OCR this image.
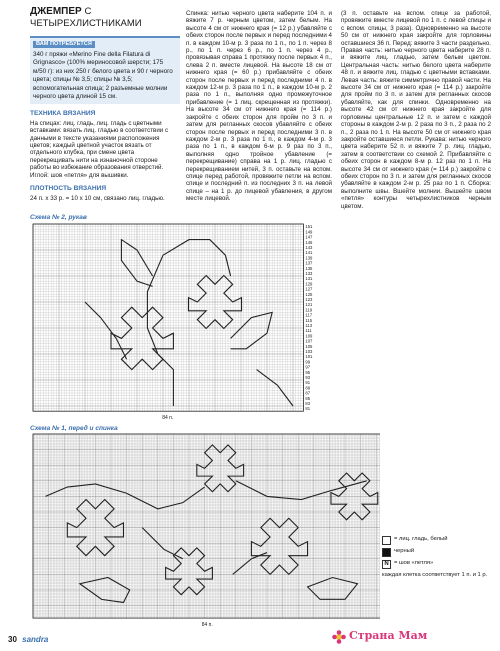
ДЖЕМПЕР С ЧЕТЫРЕХЛИСТНИКАМИ
ВАМ ПОТРЕБУЕТСЯ
340 г пряжи «Merino Fine della Filatura di Grignasco» (100% мериносовой шерсти; 175 м/50 г): из них 250 г белого цвета и 90 г черного цвета; спицы № 3,5; спицы № 3,5; вспомогательная спица; 2 разъемные молнии черного цвета длиной 15 см.
ТЕХНИКА ВЯЗАНИЯ

На спицах: лиц. гладь, лиц. гладь с цветными вставками: вязать лиц. гладью в соответствии с данными в тексте указаниями расположения цветов; каждый цветной участок вязать от отдельного клубка, при смене цвета перекрещивать нити на изнаночной стороне работы во избежание образования отверстий. Иглой: шов «петля» для вышивки.

ПЛОТНОСТЬ ВЯЗАНИЯ

24 п. х 33 р. = 10 х 10 см, связано лиц. гладью.

Спинка: нитью черного цвета наберите 104 п. и вяжите 7 р. черным цветом, затем белым. На высоте 4 см от нижнего края (= 12 р.) убавляйте с обеих сторон после первых и перед последними 4 п. в каждом 10-м р. 3 раза по 1 п., по 1 п. через 8 р., по 1 п. через 6 р., по 1 п. через 4 р., провязывая справа 1 протяжку после первых 4 п., слева 2 п. вместе лицевой. На высоте 18 см от нижнего края (= 60 р.) прибавляйте с обеих сторон после первых и перед последними 4 п. в каждом 12-м р. 3 раза по 1 п., в каждом 10-м р. 2 раза по 1 п., выполняя одно промежуточное прибавление (= 1 лиц. скрещенная из протяжки). На высоте 34 см от нижнего края (= 114 р.) закройте с обеих сторон для пройм по 3 п. и затем для регланных скосов убавляйте с обеих сторон после первых и перед последними 3 п. в каждом 2-м р. 3 раза по 1 п., в каждом 4-м р. 3 раза по 1 п., в каждом 6-м р. 9 раз по 3 п., выполняя одно тройное убавление (= перекрещивание) справа на 1 р. лиц. гладью с перекрещиванием нитей, 3 п. оставьте на вспом. спице перед работой, провяжите петли на вспом. спице и последний п. из последних 3 п. на левой спице – на 1 р. до лицевой убавления, в другом месте лицевой.

(3 п. оставьте на вспом. спице за работой, провяжите вместе лицевой по 1 п. с левой спицы и с вспом. спицы, 3 раза). Одновременно на высоте 50 см от нижнего края закройте для горловины оставшиеся 36 п. Перед: вяжите 3 части раздельно. Правая часть: нитью черного цвета наберите 28 п. и вяжите лиц. гладью, затем белым цветом. Центральная часть: нитью белого цвета наберите 48 п. и вяжите лиц. гладью с цветными вставками. Левая часть: вяжите симметрично правой части. На высоте 34 см от нижнего края (= 114 р.) закройте для пройм по 3 п. и затем для регланных скосов убавляйте, как для спинки. Одновременно на высоте 42 см от нижнего края закройте для горловины центральные 12 п. и затем с каждой стороны в каждом 2-м р. 2 раза по 3 п., 2 раза по 2 п., 2 раза по 1 п. На высоте 50 см от нижнего края закройте оставшиеся петли. Рукава: нитью черного цвета наберите 52 п. и вяжите 7 р. лиц. гладью, затем в соответствии со схемой 2. Прибавляйте с обеих сторон в каждом 8-м р. 12 раз по 1 п. На высоте 34 см от нижнего края (= 114 р.) закройте с обеих сторон по 3 п. и затем для регланных скосов убавляйте в каждом 2-м р. 25 раз по 1 п. Сборка: выполните швы. Вшейте молнии. Вышейте швом «петля» контуры четырехлистников черным цветом.

Схема № 2, рукав
151
149
147
145
143
141
139
137
135
133
131
129
127
125
123
121
119
117
115
113
111
109
107
105
103
101
99
97
95
93
91
89
87
85
83
81
84 п.
Схема № 1, перед и спинка
84 п.
= лиц. гладь, белый
черный
N = шов «петля»
каждая клетка соответствует 1 п. и 1 р.
30 sandra	Страна Мам
